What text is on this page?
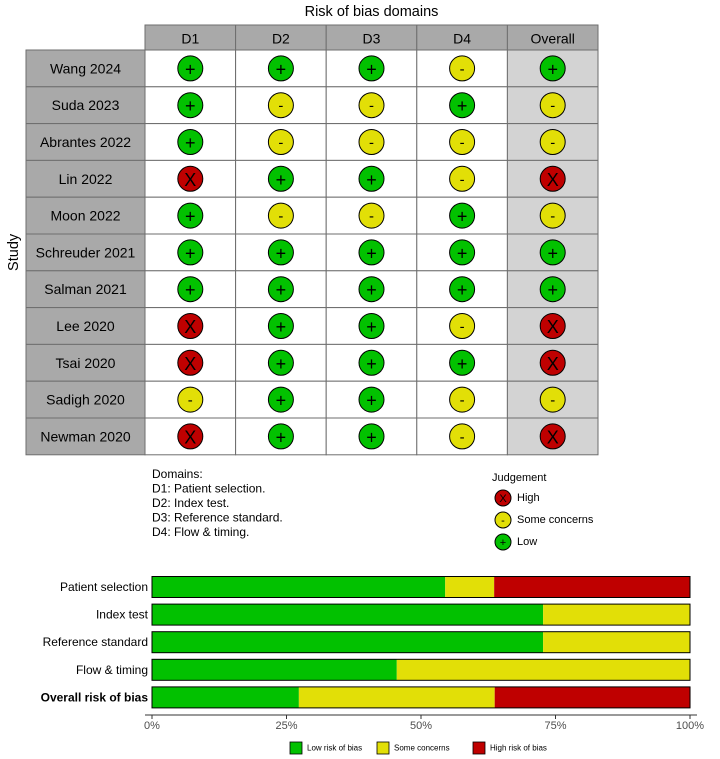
Risk of bias domains
Study
D1	D2	D3	D4	Overall
Wang 2024	+	+	+	-	+
Suda 2023	+	-	-	+	-
Abrantes 2022	+	-	-	-	-
Lin 2022	X	+	+	-	X
Moon 2022	+	-	-	+	-
Schreuder 2021	+	+	+	+	+
Salman 2021	+	+	+	+	+
Lee 2020	X	+	+	-	X
Tsai 2020	X	+	+	+	X
Sadigh 2020	-	+	+	-	-
Newman 2020	X	+	+	-	X
Domains:
D1: Patient selection.
D2: Index test.
D3: Reference standard.
D4: Flow & timing.
Judgement
X High
- Some concerns
+ Low
Patient selection
Index test
Reference standard
Flow & timing
Overall risk of bias
0%	25%	50%	75%	100%
Low risk of bias	Some concerns	High risk of bias
